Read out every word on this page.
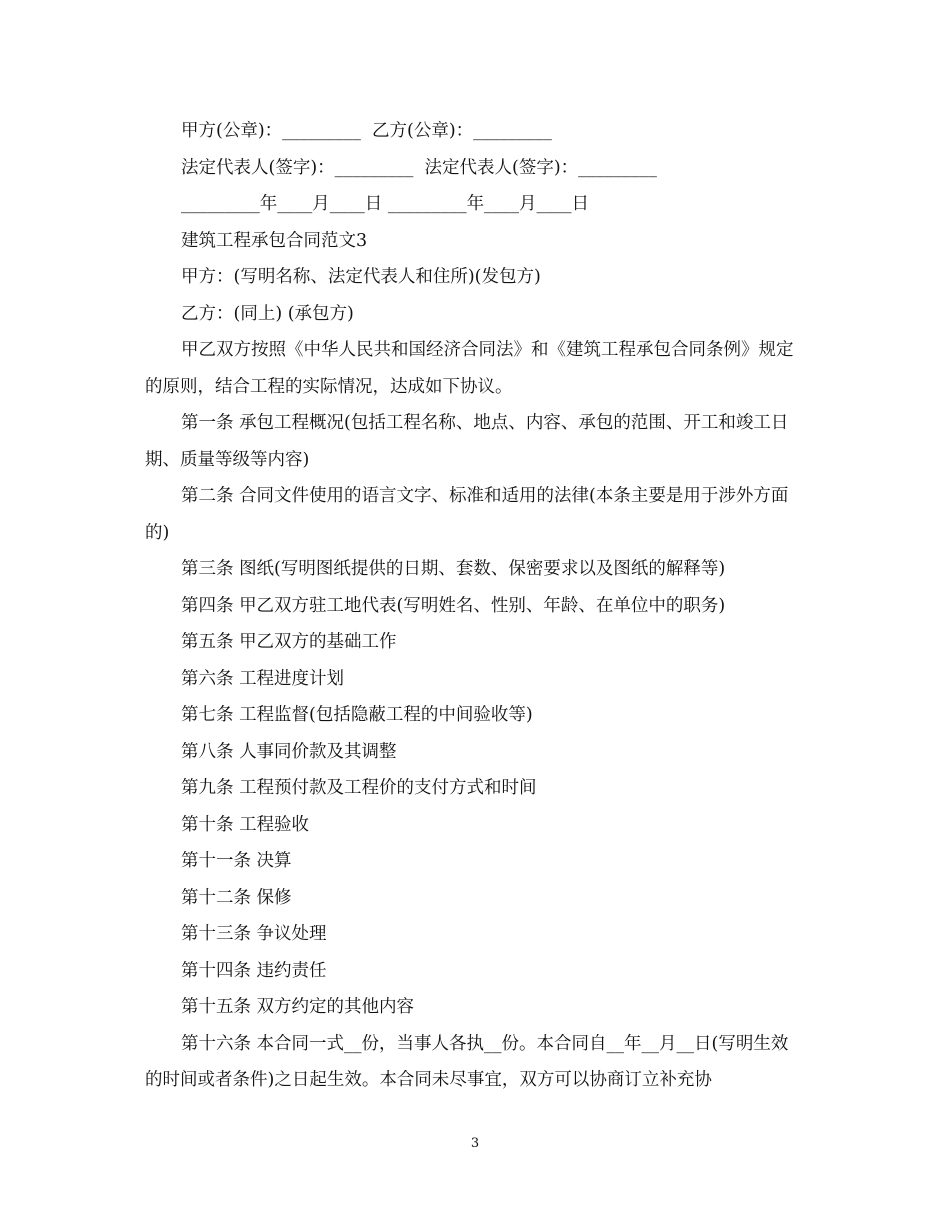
甲方(公章)：_________  乙方(公章)：_________

法定代表人(签字)：_________  法定代表人(签字)：_________

_________年____月____日 _________年____月____日

建筑工程承包合同范文3

甲方：(写明名称、法定代表人和住所)(发包方)

乙方：(同上) (承包方)

甲乙双方按照《中华人民共和国经济合同法》和《建筑工程承包合同条例》规定的原则，结合工程的实际情况，达成如下协议。

第一条 承包工程概况(包括工程名称、地点、内容、承包的范围、开工和竣工日期、质量等级等内容)

第二条 合同文件使用的语言文字、标准和适用的法律(本条主要是用于涉外方面的)

第三条 图纸(写明图纸提供的日期、套数、保密要求以及图纸的解释等)

第四条 甲乙双方驻工地代表(写明姓名、性别、年龄、在单位中的职务)

第五条 甲乙双方的基础工作

第六条 工程进度计划

第七条 工程监督(包括隐蔽工程的中间验收等)

第八条 人事同价款及其调整

第九条 工程预付款及工程价的支付方式和时间

第十条 工程验收

第十一条 决算

第十二条 保修

第十三条 争议处理

第十四条 违约责任

第十五条 双方约定的其他内容

第十六条 本合同一式__份，当事人各执__份。本合同自__年__月__日(写明生效的时间或者条件)之日起生效。本合同未尽事宜，双方可以协商订立补充协

3
